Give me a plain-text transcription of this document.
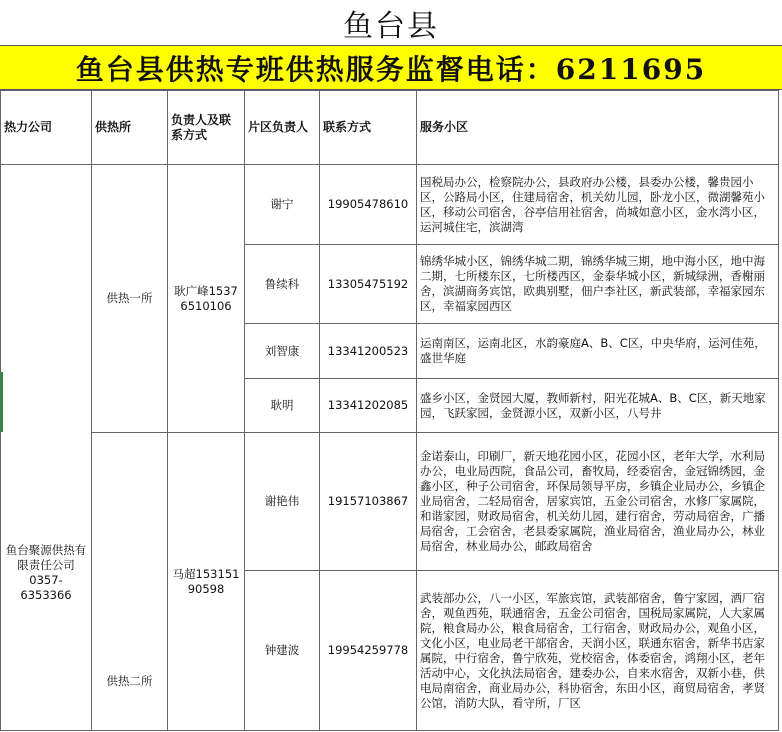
鱼台县
鱼台县供热专班供热服务监督电话：6211695
热力公司	供热所	负责人及联系方式	片区负责人	联系方式	服务小区

鱼台聚源供热有限责任公司0357-6353366	供热一所	耿广峰15376510106	谢宁	19905478610	国税局办公，检察院办公，县政府办公楼，县委办公楼，馨贵园小区，公路局小区，住建局宿舍，机关幼儿园，卧龙小区，微湖馨苑小区，移动公司宿舍，谷亭信用社宿舍，尚城如意小区，金水湾小区，运河城住宅，滨湖湾

			鲁续科	13305475192	锦绣华城小区，锦绣华城二期，锦绣华城三期，地中海小区，地中海二期，七所楼东区，七所楼西区，金泰华城小区，新城绿洲，香榭丽舍，滨湖商务宾馆，欧典别墅，佃户李社区，新武装部，幸福家园东区，幸福家园西区

			刘智康	13341200523	运南南区，运南北区，水韵豪庭A、B、C区，中央华府，运河佳苑，盛世华庭

			耿明	13341202085	盛乡小区，金贤园大厦，教师新村，阳光花城A、B、C区，新天地家园，飞跃家园，金贤源小区，双新小区，八号井

	供热二所	马超15315190598	谢艳伟	19157103867	金诺泰山，印刷厂，新天地花园小区，花园小区，老年大学，水利局办公，电业局西院，食品公司，畜牧局，经委宿舍，金冠锦绣园，金鑫小区，种子公司宿舍，环保局领导平房，乡镇企业局办公，乡镇企业局宿舍，二轻局宿舍，居家宾馆，五金公司宿舍，水修厂家属院，和谐家园，财政局宿舍，机关幼儿园，建行宿舍，劳动局宿舍，广播局宿舍，工会宿舍，老县委家属院，渔业局宿舍，渔业局办公，林业局宿舍，林业局办公，邮政局宿舍

			钟建波	19954259778	武装部办公，八一小区，军旅宾馆，武装部宿舍，鲁宁家园，酒厂宿舍，观鱼西苑，联通宿舍，五金公司宿舍，国税局家属院，人大家属院，粮食局办公，粮食局宿舍，工行宿舍，财政局办公，观鱼小区，文化小区，电业局老干部宿舍，天润小区，联通东宿舍，新华书店家属院，中行宿舍，鲁宁欣苑，党校宿舍，体委宿舍，鸿翔小区，老年活动中心，文化执法局宿舍，建委办公，自来水宿舍，双新小巷，供电局南宿舍，商业局办公，科协宿舍，东田小区，商贸局宿舍，孝贤公馆，消防大队，看守所，厂区
